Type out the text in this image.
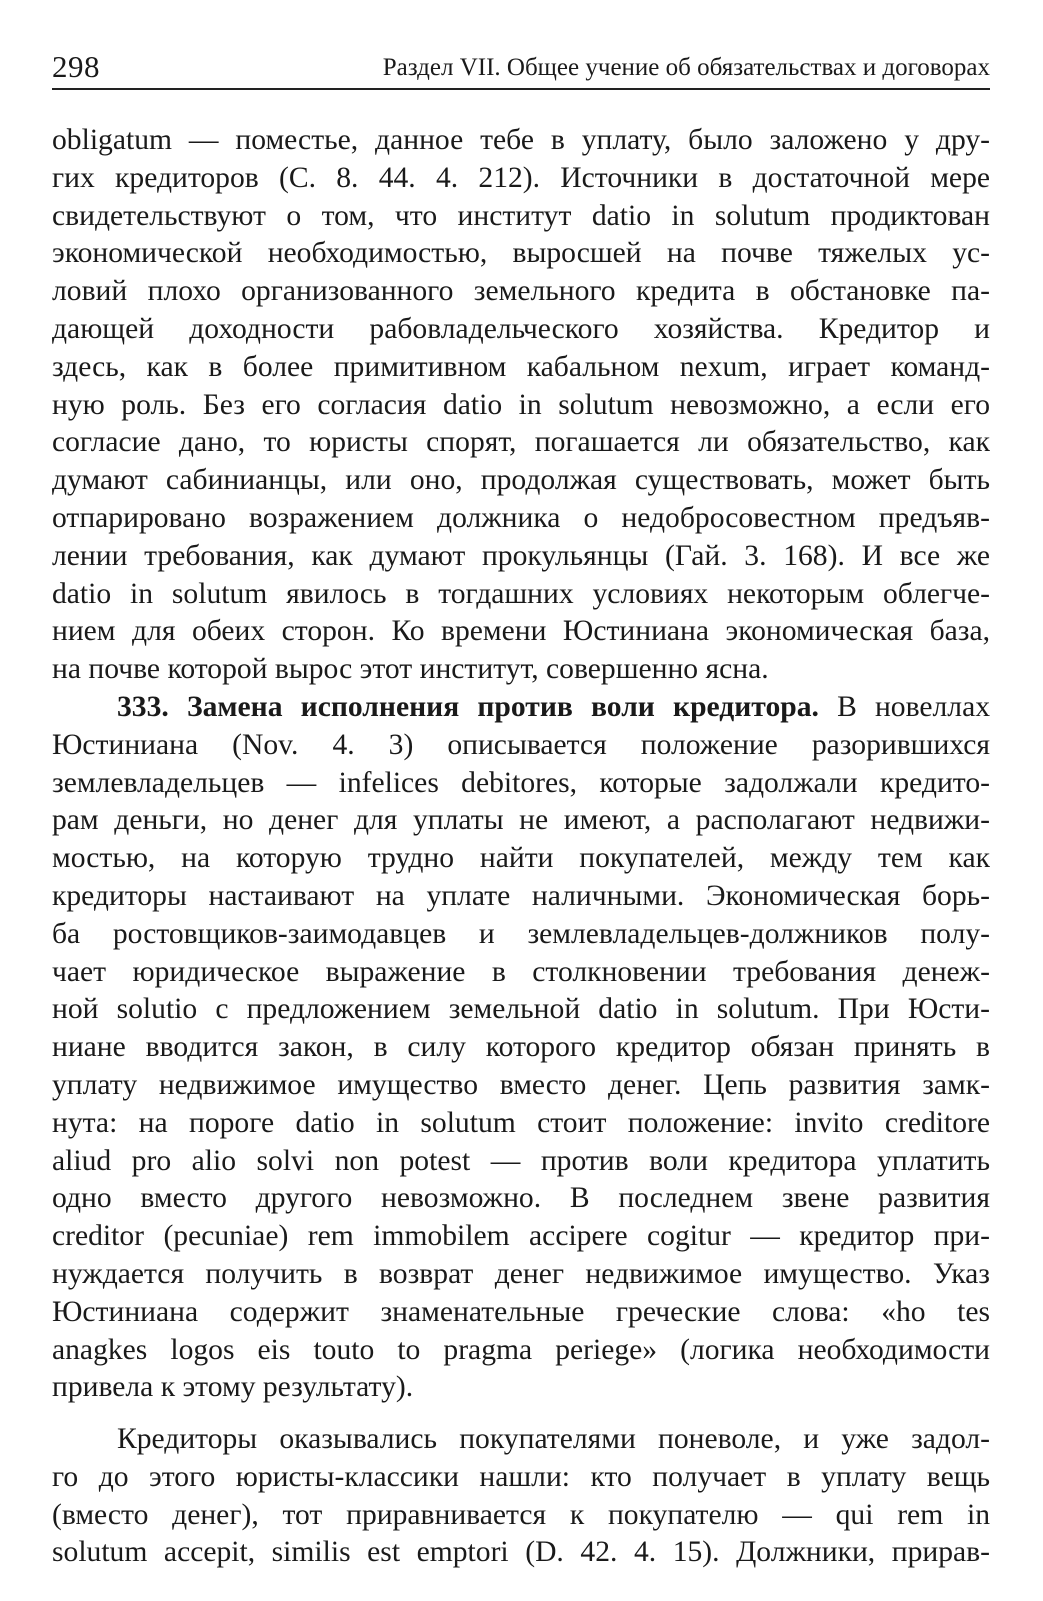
298	Раздел VII. Общее учение об обязательствах и договорах
obligatum — поместье, данное тебе в уплату, было заложено у дру-
гих кредиторов (С. 8. 44. 4. 212). Источники в достаточной мере
свидетельствуют о том, что институт datio in solutum продиктован
экономической необходимостью, выросшей на почве тяжелых ус-
ловий плохо организованного земельного кредита в обстановке па-
дающей доходности рабовладельческого хозяйства. Кредитор и
здесь, как в более примитивном кабальном nexum, играет команд-
ную роль. Без его согласия datio in solutum невозможно, а если его
согласие дано, то юристы спорят, погашается ли обязательство, как
думают сабинианцы, или оно, продолжая существовать, может быть
отпарировано возражением должника о недобросовестном предъяв-
лении требования, как думают прокульянцы (Гай. 3. 168). И все же
datio in solutum явилось в тогдашних условиях некоторым облегче-
нием для обеих сторон. Ко времени Юстиниана экономическая база,
на почве которой вырос этот институт, совершенно ясна.
333. Замена исполнения против воли кредитора. В новеллах
Юстиниана (Nov. 4. 3) описывается положение разорившихся
землевладельцев — infelices debitores, которые задолжали кредито-
рам деньги, но денег для уплаты не имеют, а располагают недвижи-
мостью, на которую трудно найти покупателей, между тем как
кредиторы настаивают на уплате наличными. Экономическая борь-
ба ростовщиков-заимодавцев и землевладельцев-должников полу-
чает юридическое выражение в столкновении требования денеж-
ной solutio с предложением земельной datio in solutum. При Юсти-
ниане вводится закон, в силу которого кредитор обязан принять в
уплату недвижимое имущество вместо денег. Цепь развития замк-
нута: на пороге datio in solutum стоит положение: invito creditore
aliud pro alio solvi non potest — против воли кредитора уплатить
одно вместо другого невозможно. В последнем звене развития
creditor (pecuniae) rem immobilem accipere cogitur — кредитор при-
нуждается получить в возврат денег недвижимое имущество. Указ
Юстиниана содержит знаменательные греческие слова: «ho tes
anagkes logos eis touto to pragma periege» (логика необходимости
привела к этому результату).
Кредиторы оказывались покупателями поневоле, и уже задол-
го до этого юристы-классики нашли: кто получает в уплату вещь
(вместо денег), тот приравнивается к покупателю — qui rem in
solutum accepit, similis est emptori (D. 42. 4. 15). Должники, прирав-
